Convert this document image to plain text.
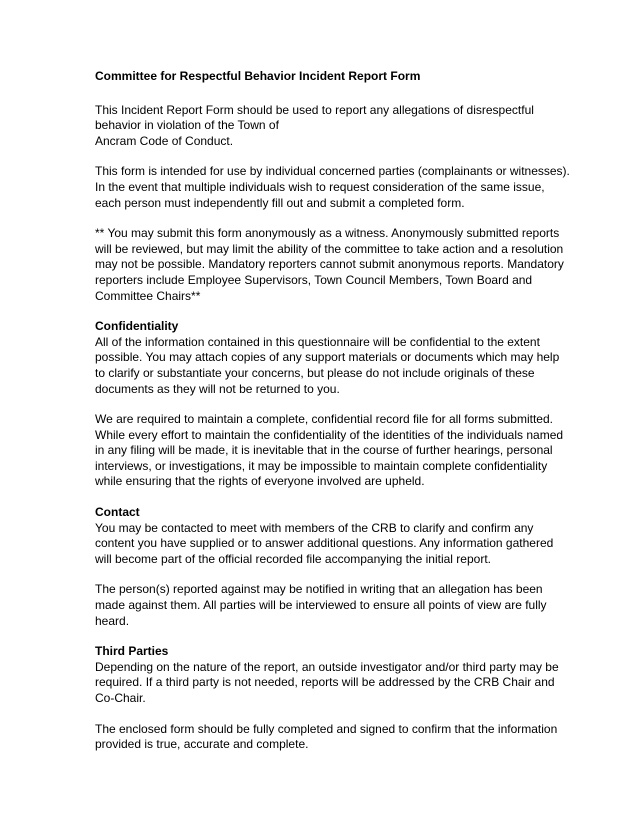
Committee for Respectful Behavior Incident Report Form
This Incident Report Form should be used to report any allegations of disrespectful
behavior in violation of the Town of
Ancram Code of Conduct.
This form is intended for use by individual concerned parties (complainants or witnesses).
In the event that multiple individuals wish to request consideration of the same issue,
each person must independently fill out and submit a completed form.
** You may submit this form anonymously as a witness. Anonymously submitted reports
will be reviewed, but may limit the ability of the committee to take action and a resolution
may not be possible. Mandatory reporters cannot submit anonymous reports. Mandatory
reporters include Employee Supervisors, Town Council Members, Town Board and
Committee Chairs**
Confidentiality
All of the information contained in this questionnaire will be confidential to the extent
possible. You may attach copies of any support materials or documents which may help
to clarify or substantiate your concerns, but please do not include originals of these
documents as they will not be returned to you.
We are required to maintain a complete, confidential record file for all forms submitted.
While every effort to maintain the confidentiality of the identities of the individuals named
in any filing will be made, it is inevitable that in the course of further hearings, personal
interviews, or investigations, it may be impossible to maintain complete confidentiality
while ensuring that the rights of everyone involved are upheld.
Contact
You may be contacted to meet with members of the CRB to clarify and confirm any
content you have supplied or to answer additional questions. Any information gathered
will become part of the official recorded file accompanying the initial report.
The person(s) reported against may be notified in writing that an allegation has been
made against them. All parties will be interviewed to ensure all points of view are fully
heard.
Third Parties
Depending on the nature of the report, an outside investigator and/or third party may be
required. If a third party is not needed, reports will be addressed by the CRB Chair and
Co-Chair.
The enclosed form should be fully completed and signed to confirm that the information
provided is true, accurate and complete.
